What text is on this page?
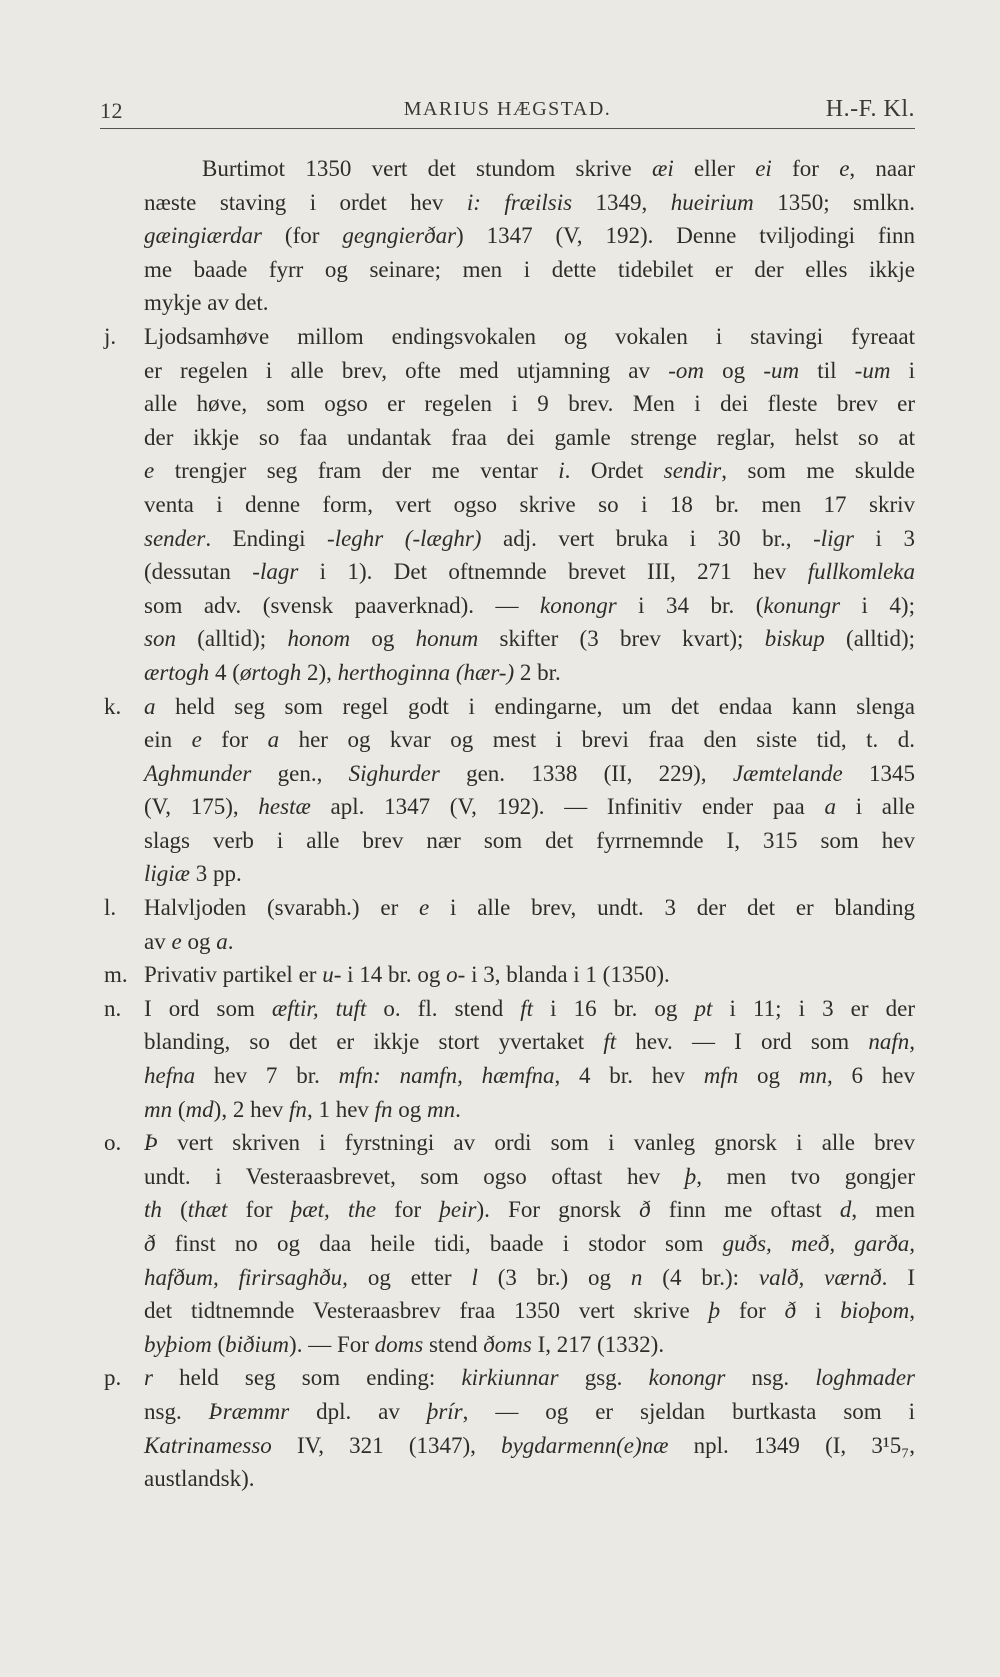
12	MARIUS HÆGSTAD.	H.-F. Kl.
Burtimot 1350 vert det stundom skrive æi eller ei for e, naar
næste staving i ordet hev i: fræilsis 1349, hueirium 1350; smlkn.
gæingiærdar (for gegngierðar) 1347 (V, 192). Denne tviljodingi finn
me baade fyrr og seinare; men i dette tidebilet er der elles ikkje
mykje av det.
j.	Ljodsamhøve millom endingsvokalen og vokalen i stavingi fyreaat
er regelen i alle brev, ofte med utjamning av -om og -um til -um i
alle høve, som ogso er regelen i 9 brev. Men i dei fleste brev er
der ikkje so faa undantak fraa dei gamle strenge reglar, helst so at
e trengjer seg fram der me ventar i. Ordet sendir, som me skulde
venta i denne form, vert ogso skrive so i 18 br. men 17 skriv
sender. Endingi -leghr (-læghr) adj. vert bruka i 30 br., -ligr i 3
(dessutan -lagr i 1). Det oftnemnde brevet III, 271 hev fullkomleka
som adv. (svensk paaverknad). — konongr i 34 br. (konungr i 4);
son (alltid); honom og honum skifter (3 brev kvart); biskup (alltid);
ærtogh 4 (ørtogh 2), herthoginna (hær-) 2 br.
k. a held seg som regel godt i endingarne, um det endaa kann slenga
ein e for a her og kvar og mest i brevi fraa den siste tid, t. d.
Aghmunder gen., Sighurder gen. 1338 (II, 229), Jæmtelande 1345
(V, 175), hestæ apl. 1347 (V, 192). — Infinitiv ender paa a i alle
slags verb i alle brev nær som det fyrrnemnde I, 315 som hev
ligiæ 3 pp.
l.	Halvljoden (svarabh.) er e i alle brev, undt. 3 der det er blanding
av e og a.
m. Privativ partikel er u- i 14 br. og o- i 3, blanda i 1 (1350).
n. I ord som æftir, tuft o. fl. stend ft i 16 br. og pt i 11; i 3 er der
blanding, so det er ikkje stort yvertaket ft hev. — I ord som nafn,
hefna hev 7 br. mfn: namfn, hæmfna, 4 br. hev mfn og mn, 6 hev
mn (md), 2 hev fn, 1 hev fn og mn.
o. Þ vert skriven i fyrstningi av ordi som i vanleg gnorsk i alle brev
undt. i Vesteraasbrevet, som ogso oftast hev þ, men tvo gongjer
th (thæt for þæt, the for þeir). For gnorsk ð finn me oftast d, men
ð finst no og daa heile tidi, baade i stodor som guðs, með, garða,
hafðum, firirsaghðu, og etter l (3 br.) og n (4 br.): valð, værnð. I
det tidtnemnde Vesteraasbrev fraa 1350 vert skrive þ for ð i bioþom,
byþiom (biðium). — For doms stend ðoms I, 217 (1332).
p. r held seg som ending: kirkiunnar gsg. konongr nsg. loghmader
nsg. Þræmmr dpl. av þrír, — og er sjeldan burtkasta som i
Katrinamesso IV, 321 (1347), bygdarmenn(e)næ npl. 1349 (I, 3¹5₇,
austlandsk).
